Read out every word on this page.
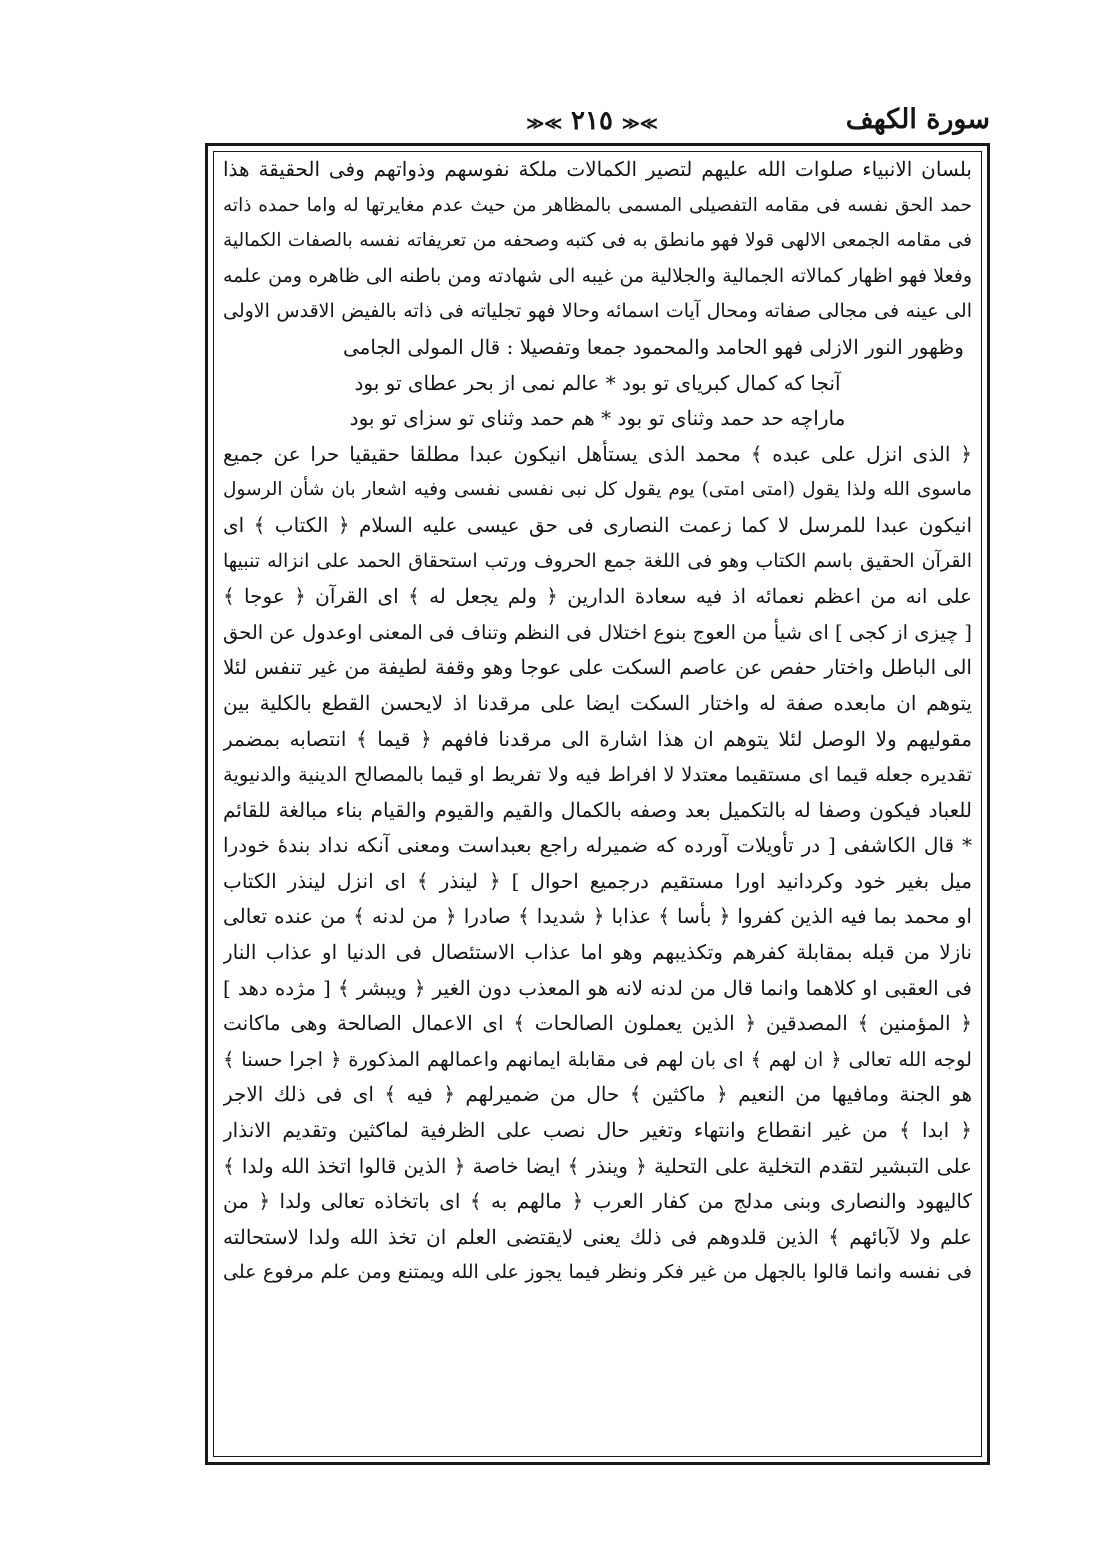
سورة الكهف
≫≪ ٢١٥ ≫≪
بلسان الانبياء صلوات الله عليهم لتصير الكمالات ملكة نفوسهم وذواتهم وفى الحقيقة هذا
حمد الحق نفسه فى مقامه التفصيلى المسمى بالمظاهر من حيث عدم مغايرتها له واما حمده ذاته
فى مقامه الجمعى الالهى قولا فهو مانطق به فى كتبه وصحفه من تعريفاته نفسه بالصفات الكمالية
وفعلا فهو اظهار كمالاته الجمالية والجلالية من غيبه الى شهادته ومن باطنه الى ظاهره ومن علمه
الى عينه فى مجالى صفاته ومحال آيات اسمائه وحالا فهو تجلياته فى ذاته بالفيض الاقدس الاولى
وظهور النور الازلى فهو الحامد والمحمود جمعا وتفصيلا : قال المولى الجامى
آنجا كه كمال كبرياى تو بود * عالم نمى از بحر عطاى تو بود
ماراچه حد حمد وثناى تو بود * هم حمد وثناى تو سزاى تو بود
﴿ الذى انزل على عبده ﴾ محمد الذى يستأهل انيكون عبدا مطلقا حقيقيا حرا عن جميع
ماسوى الله ولذا يقول (امتى امتى) يوم يقول كل نبى نفسى نفسى وفيه اشعار بان شأن الرسول
انيكون عبدا للمرسل لا كما زعمت النصارى فى حق عيسى عليه السلام ﴿ الكتاب ﴾ اى
القرآن الحقيق باسم الكتاب وهو فى اللغة جمع الحروف ورتب استحقاق الحمد على انزاله تنبيها
على انه من اعظم نعمائه اذ فيه سعادة الدارين ﴿ ولم يجعل له ﴾ اى القرآن ﴿ عوجا ﴾
[ چيزى از كجى ] اى شيأ من العوج بنوع اختلال فى النظم وتناف فى المعنى اوعدول عن الحق
الى الباطل واختار حفص عن عاصم السكت على عوجا وهو وقفة لطيفة من غير تنفس لئلا
يتوهم ان مابعده صفة له واختار السكت ايضا على مرقدنا اذ لايحسن القطع بالكلية بين
مقوليهم ولا الوصل لئلا يتوهم ان هذا اشارة الى مرقدنا فافهم ﴿ قيما ﴾ انتصابه بمضمر
تقديره جعله قيما اى مستقيما معتدلا لا افراط فيه ولا تفريط او قيما بالمصالح الدينية والدنيوية
للعباد فيكون وصفا له بالتكميل بعد وصفه بالكمال والقيم والقيوم والقيام بناء مبالغة للقائم
* قال الكاشفى [ در تأويلات آورده كه ضميرله راجع بعبداست ومعنى آنكه نداد بندهٔ خودرا
ميل بغير خود وكردانيد اورا مستقيم درجميع احوال ] ﴿ لينذر ﴾ اى انزل لينذر الكتاب
او محمد بما فيه الذين كفروا ﴿ بأسا ﴾ عذابا ﴿ شديدا ﴾ صادرا ﴿ من لدنه ﴾ من عنده تعالى
نازلا من قبله بمقابلة كفرهم وتكذيبهم وهو اما عذاب الاستئصال فى الدنيا او عذاب النار
فى العقبى او كلاهما وانما قال من لدنه لانه هو المعذب دون الغير ﴿ ويبشر ﴾ [ مژده دهد ]
﴿ المؤمنين ﴾ المصدقين ﴿ الذين يعملون الصالحات ﴾ اى الاعمال الصالحة وهى ماكانت
لوجه الله تعالى ﴿ ان لهم ﴾ اى بان لهم فى مقابلة ايمانهم واعمالهم المذكورة ﴿ اجرا حسنا ﴾
هو الجنة ومافيها من النعيم ﴿ ماكثين ﴾ حال من ضميرلهم ﴿ فيه ﴾ اى فى ذلك الاجر
﴿ ابدا ﴾ من غير انقطاع وانتهاء وتغير حال نصب على الظرفية لماكثين وتقديم الانذار
على التبشير لتقدم التخلية على التحلية ﴿ وينذر ﴾ ايضا خاصة ﴿ الذين قالوا اتخذ الله ولدا ﴾
كاليهود والنصارى وبنى مدلج من كفار العرب ﴿ مالهم به ﴾ اى باتخاذه تعالى ولدا ﴿ من
علم ولا لآبائهم ﴾ الذين قلدوهم فى ذلك يعنى لايقتضى العلم ان تخذ الله ولدا لاستحالته
فى نفسه وانما قالوا بالجهل من غير فكر ونظر فيما يجوز على الله ويمتنع ومن علم مرفوع على
